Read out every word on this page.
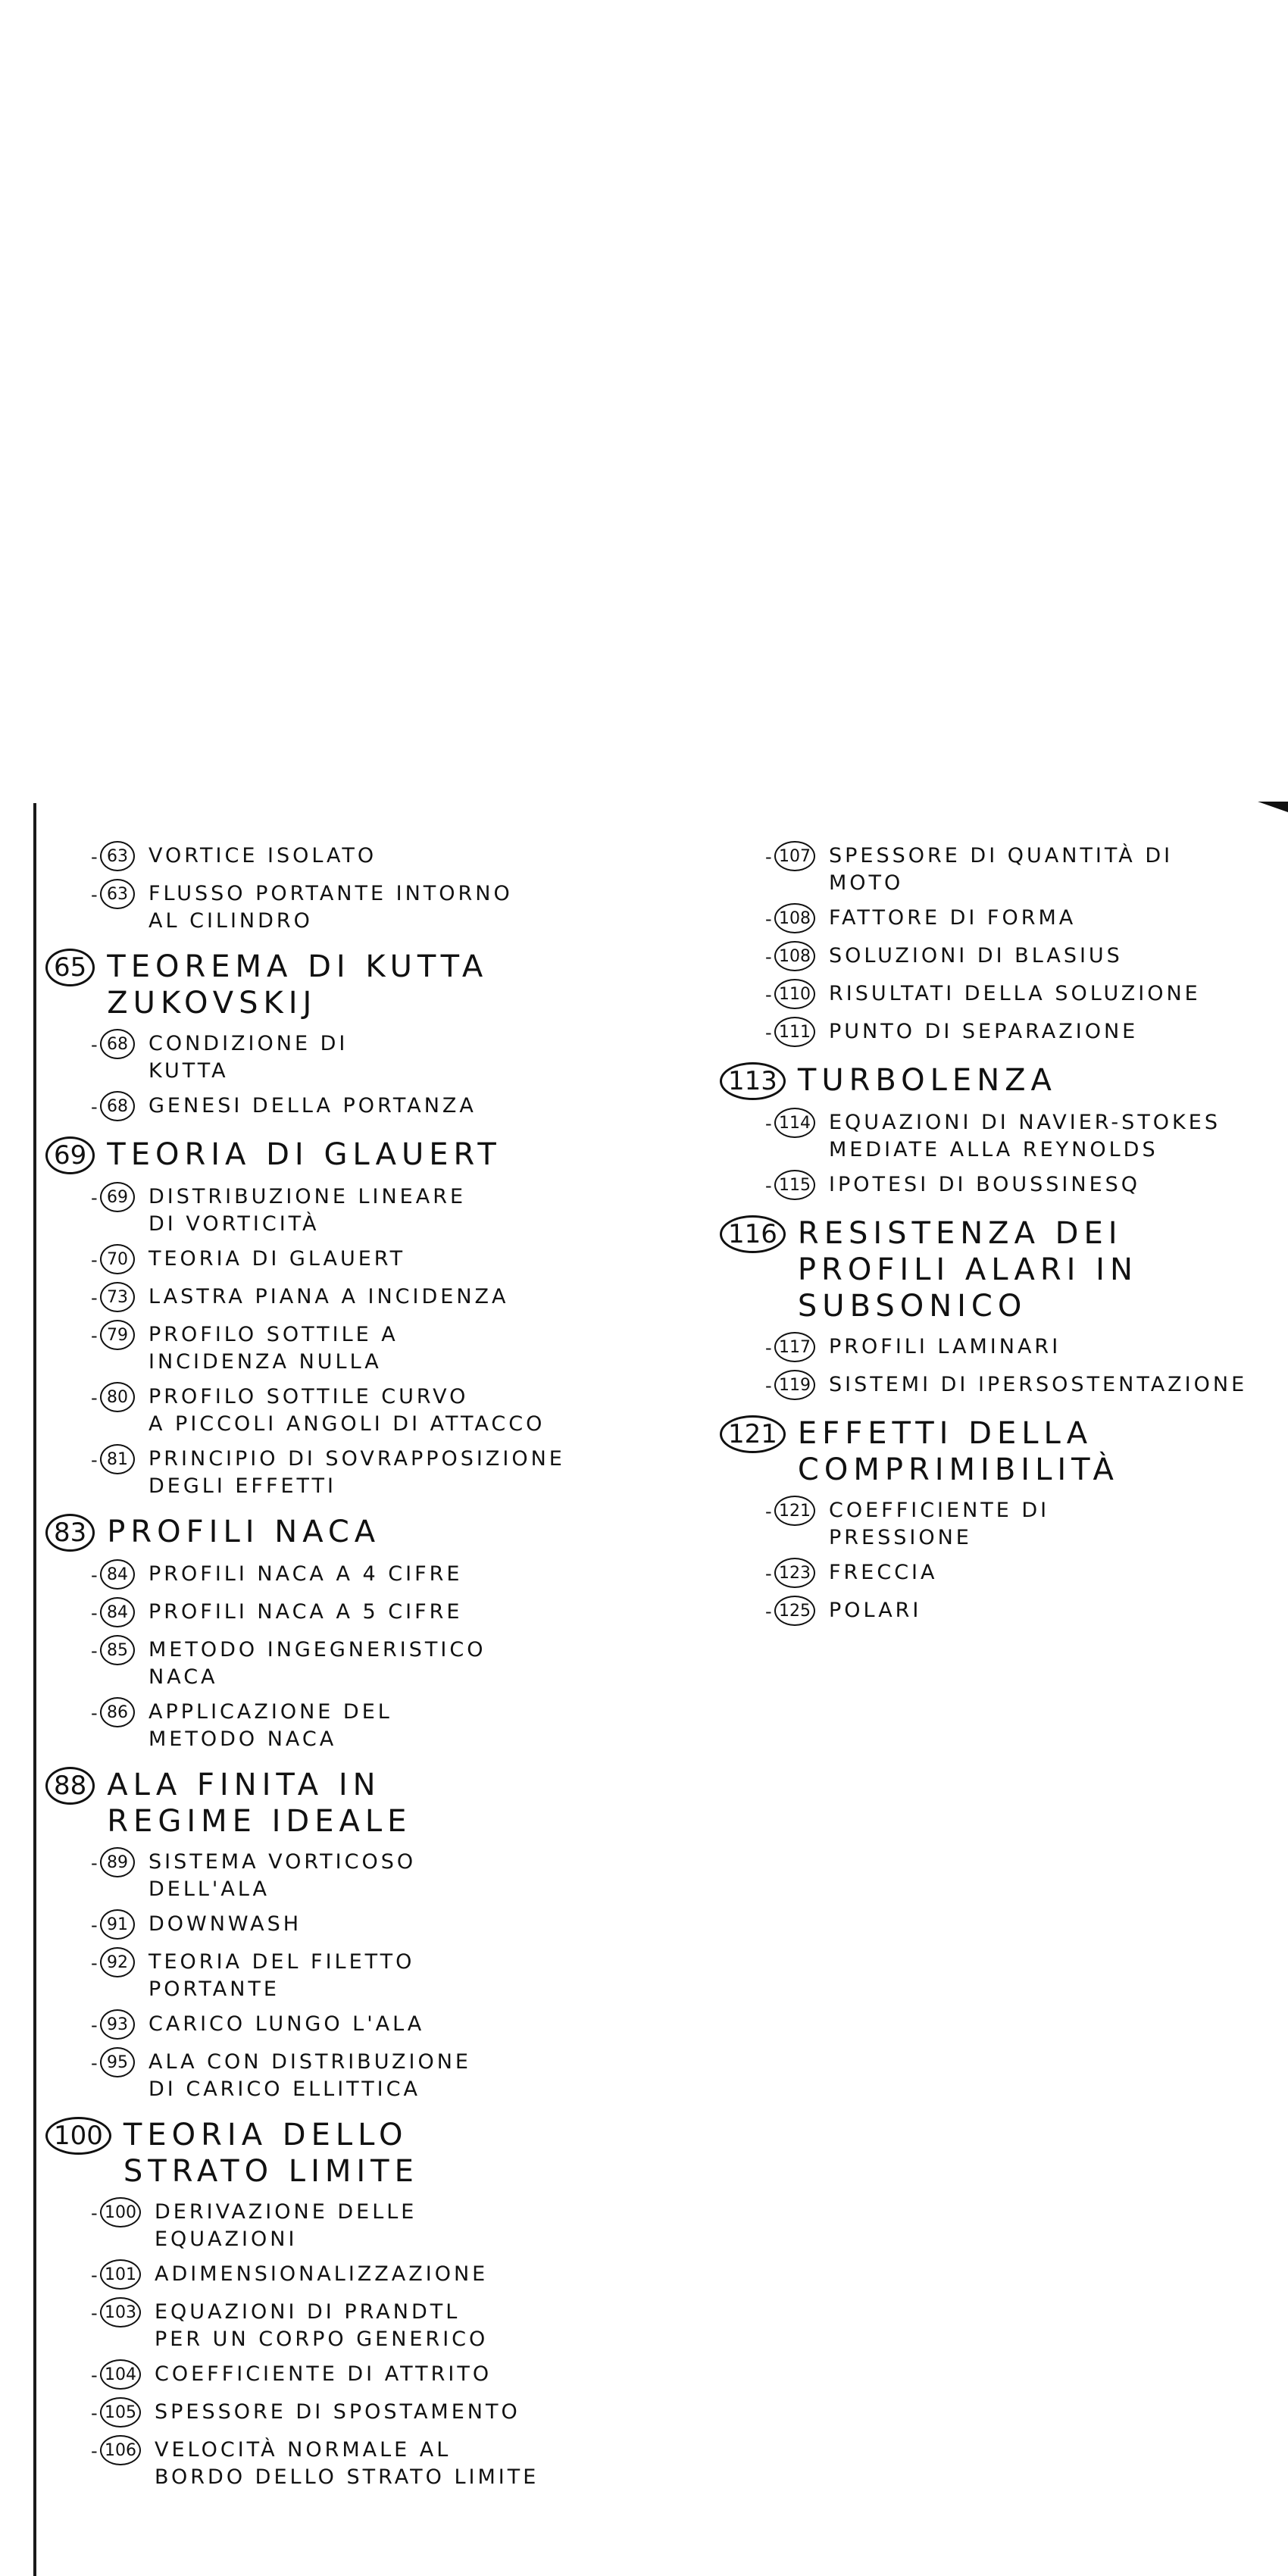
- 63	VORTICE ISOLATO
- 63	FLUSSO PORTANTE INTORNO
AL CILINDRO
65 TEOREMA DI KUTTA
ZUKOVSKIJ
- 68	CONDIZIONE DI
KUTTA
- 68	GENESI DELLA PORTANZA
69 TEORIA DI GLAUERT
- 69	DISTRIBUZIONE LINEARE
DI VORTICITÀ
- 70	TEORIA DI GLAUERT
- 73	LASTRA PIANA A INCIDENZA
- 79	PROFILO SOTTILE A
INCIDENZA NULLA
- 80	PROFILO SOTTILE CURVO
A PICCOLI ANGOLI DI ATTACCO
- 81	PRINCIPIO DI SOVRAPPOSIZIONE
DEGLI EFFETTI
83 PROFILI NACA
- 84	PROFILI NACA A 4 CIFRE
- 84	PROFILI NACA A 5 CIFRE
- 85	METODO INGEGNERISTICO
NACA
- 86	APPLICAZIONE DEL
METODO NACA
88 ALA FINITA IN
REGIME IDEALE
- 89	SISTEMA VORTICOSO
DELL'ALA
- 91	DOWNWASH
- 92	TEORIA DEL FILETTO
PORTANTE
- 93	CARICO LUNGO L'ALA
- 95	ALA CON DISTRIBUZIONE
DI CARICO ELLITTICA
100 TEORIA DELLO
STRATO LIMITE
- 100 DERIVAZIONE DELLE
EQUAZIONI
- 101 ADIMENSIONALIZZAZIONE
- 103 EQUAZIONI DI PRANDTL
PER UN CORPO GENERICO
- 104 COEFFICIENTE DI ATTRITO
- 105 SPESSORE DI SPOSTAMENTO
- 106 VELOCITÀ NORMALE AL
BORDO DELLO STRATO LIMITE
- 107 SPESSORE DI QUANTITÀ DI
MOTO
- 108 FATTORE DI FORMA
- 108 SOLUZIONI DI BLASIUS
- 110 RISULTATI DELLA SOLUZIONE
- 111 PUNTO DI SEPARAZIONE
113 TURBOLENZA
- 114 EQUAZIONI DI NAVIER-STOKES
MEDIATE ALLA REYNOLDS
- 115 IPOTESI DI BOUSSINESQ
116 RESISTENZA DEI
PROFILI ALARI IN
SUBSONICO
- 117 PROFILI LAMINARI
- 119 SISTEMI DI IPERSOSTENTAZIONE
121 EFFETTI DELLA
COMPRIMIBILITÀ
- 121 COEFFICIENTE DI
PRESSIONE
- 123 FRECCIA
- 125 POLARI
